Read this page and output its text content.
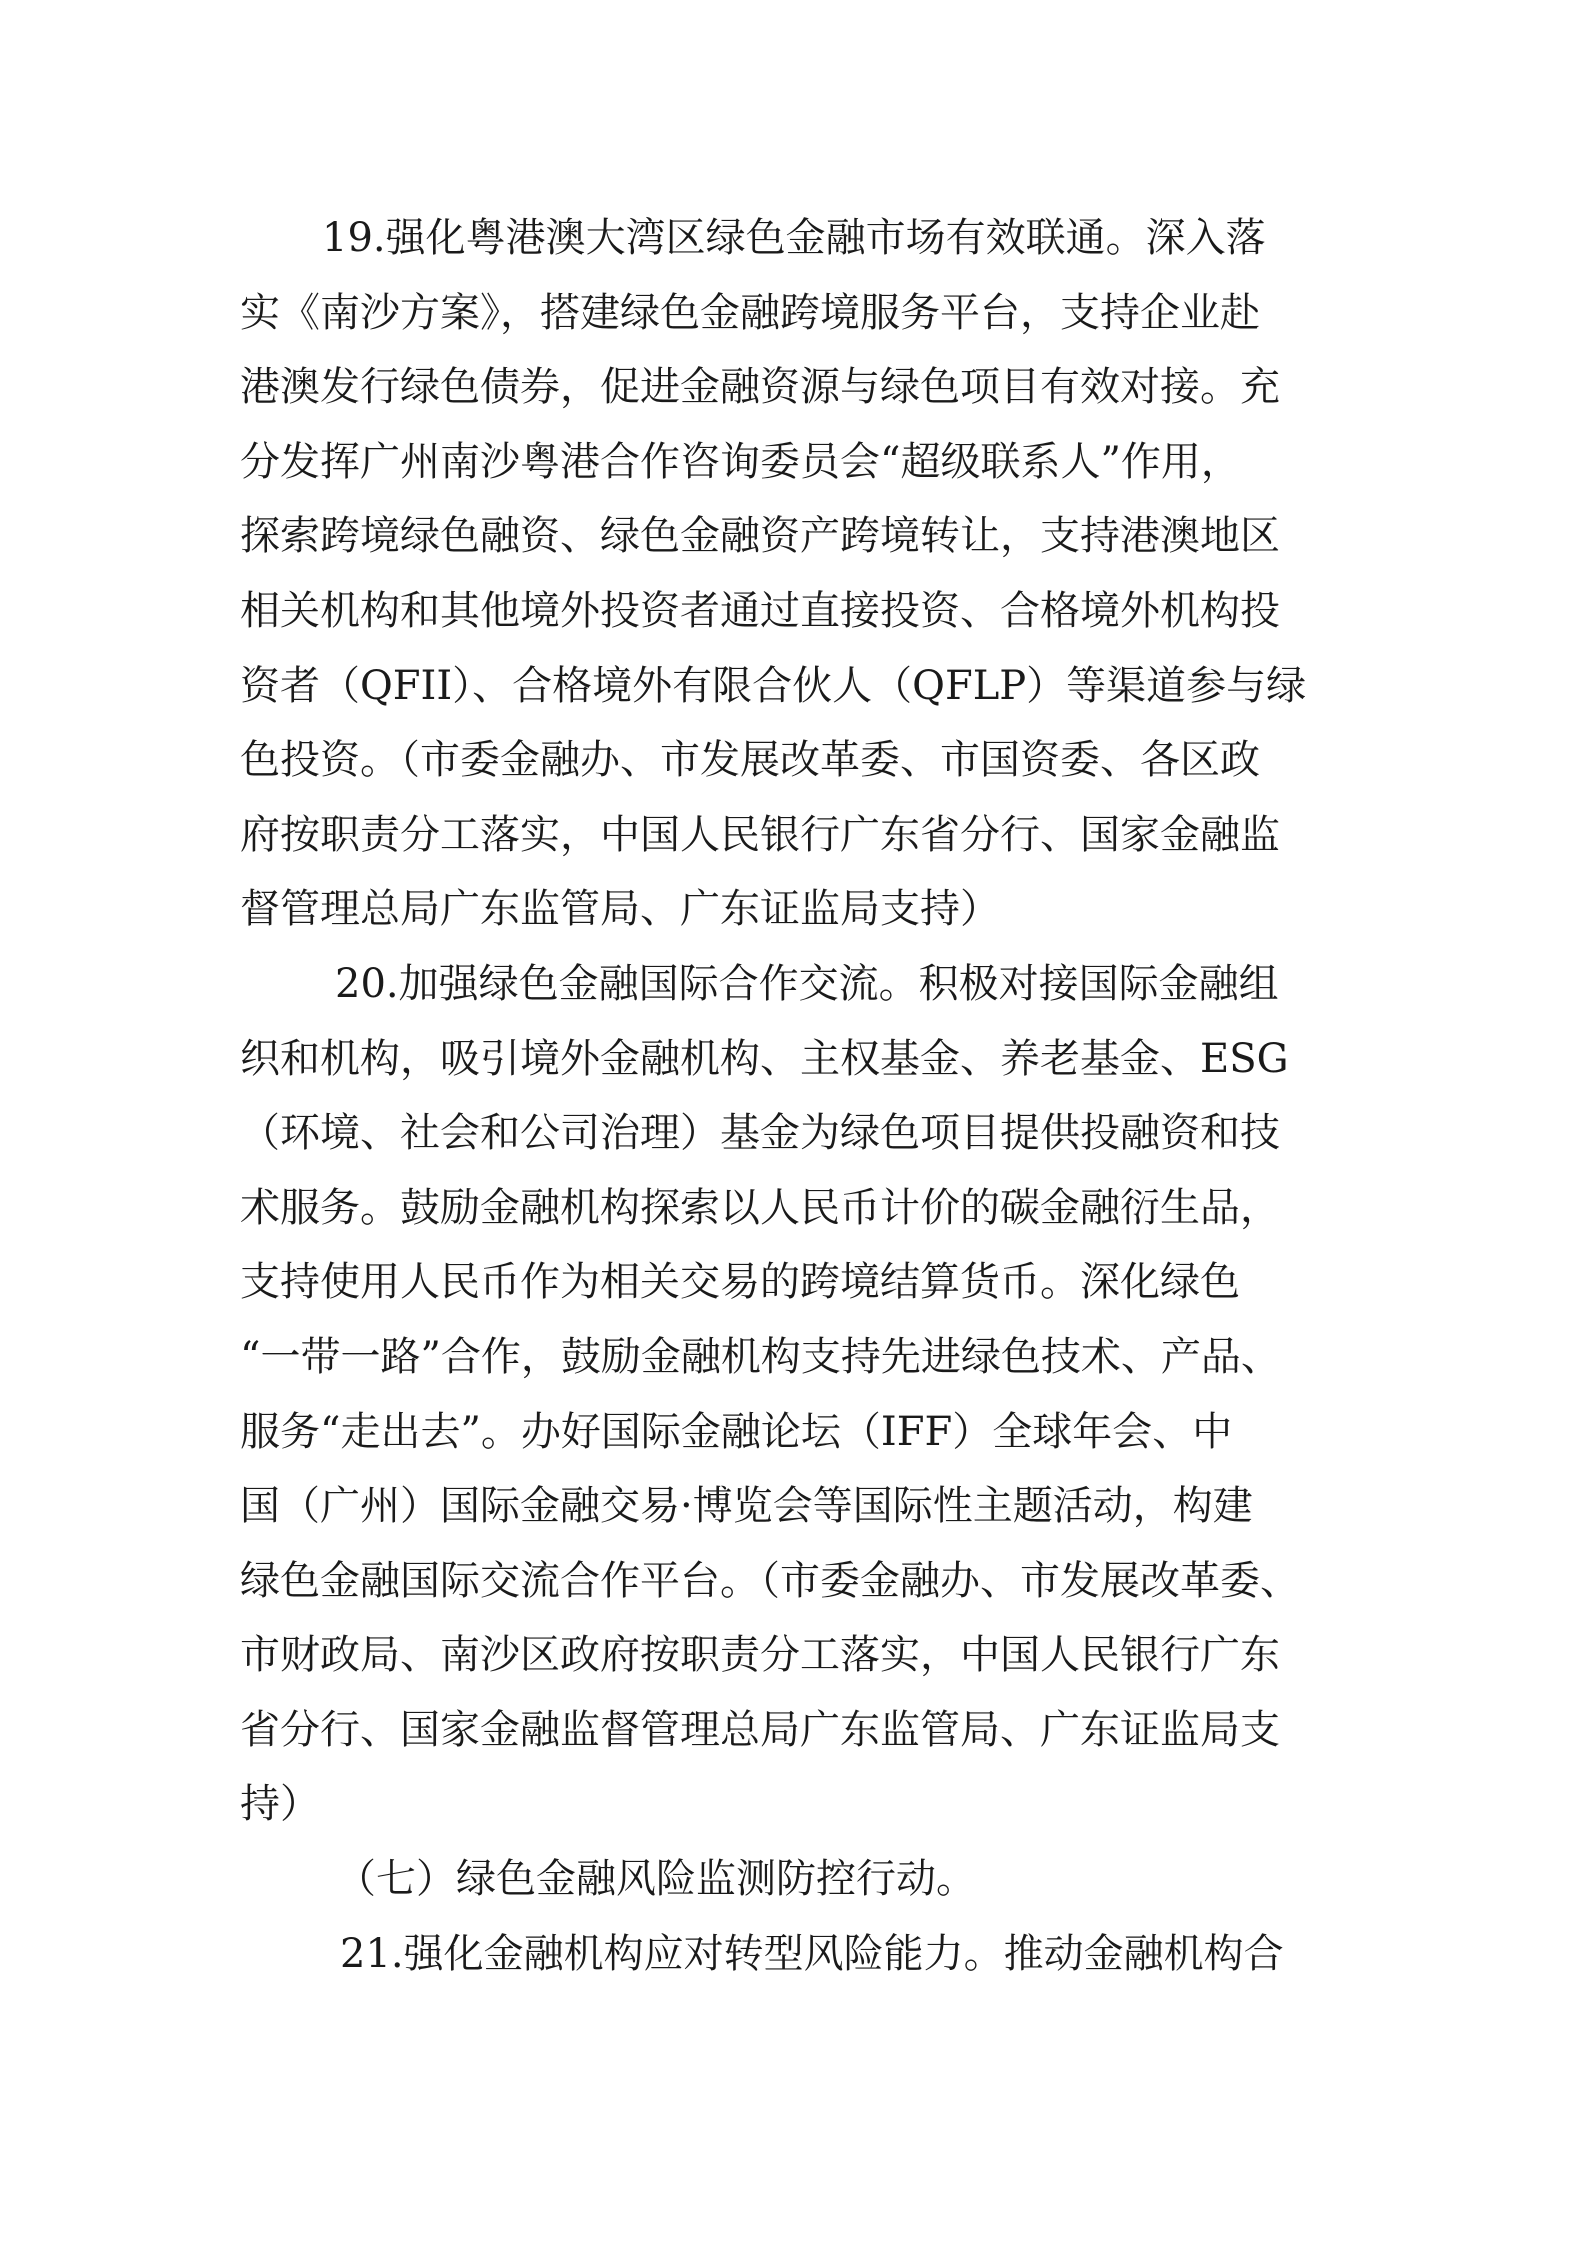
19.强化粤港澳大湾区绿色金融市场有效联通。深入落
实《南沙方案》，搭建绿色金融跨境服务平台，支持企业赴
港澳发行绿色债券，促进金融资源与绿色项目有效对接。充
分发挥广州南沙粤港合作咨询委员会“超级联系人”作用，
探索跨境绿色融资、绿色金融资产跨境转让，支持港澳地区
相关机构和其他境外投资者通过直接投资、合格境外机构投
资者（QFII）、合格境外有限合伙人（QFLP）等渠道参与绿
色投资。（市委金融办、市发展改革委、市国资委、各区政
府按职责分工落实，中国人民银行广东省分行、国家金融监
督管理总局广东监管局、广东证监局支持）
20.加强绿色金融国际合作交流。积极对接国际金融组
织和机构，吸引境外金融机构、主权基金、养老基金、ESG
（环境、社会和公司治理）基金为绿色项目提供投融资和技
术服务。鼓励金融机构探索以人民币计价的碳金融衍生品，
支持使用人民币作为相关交易的跨境结算货币。深化绿色
“一带一路”合作，鼓励金融机构支持先进绿色技术、产品、
服务“走出去”。办好国际金融论坛（IFF）全球年会、中
国（广州）国际金融交易·博览会等国际性主题活动，构建
绿色金融国际交流合作平台。（市委金融办、市发展改革委、
市财政局、南沙区政府按职责分工落实，中国人民银行广东
省分行、国家金融监督管理总局广东监管局、广东证监局支
持）
（七）绿色金融风险监测防控行动。
21.强化金融机构应对转型风险能力。推动金融机构合
